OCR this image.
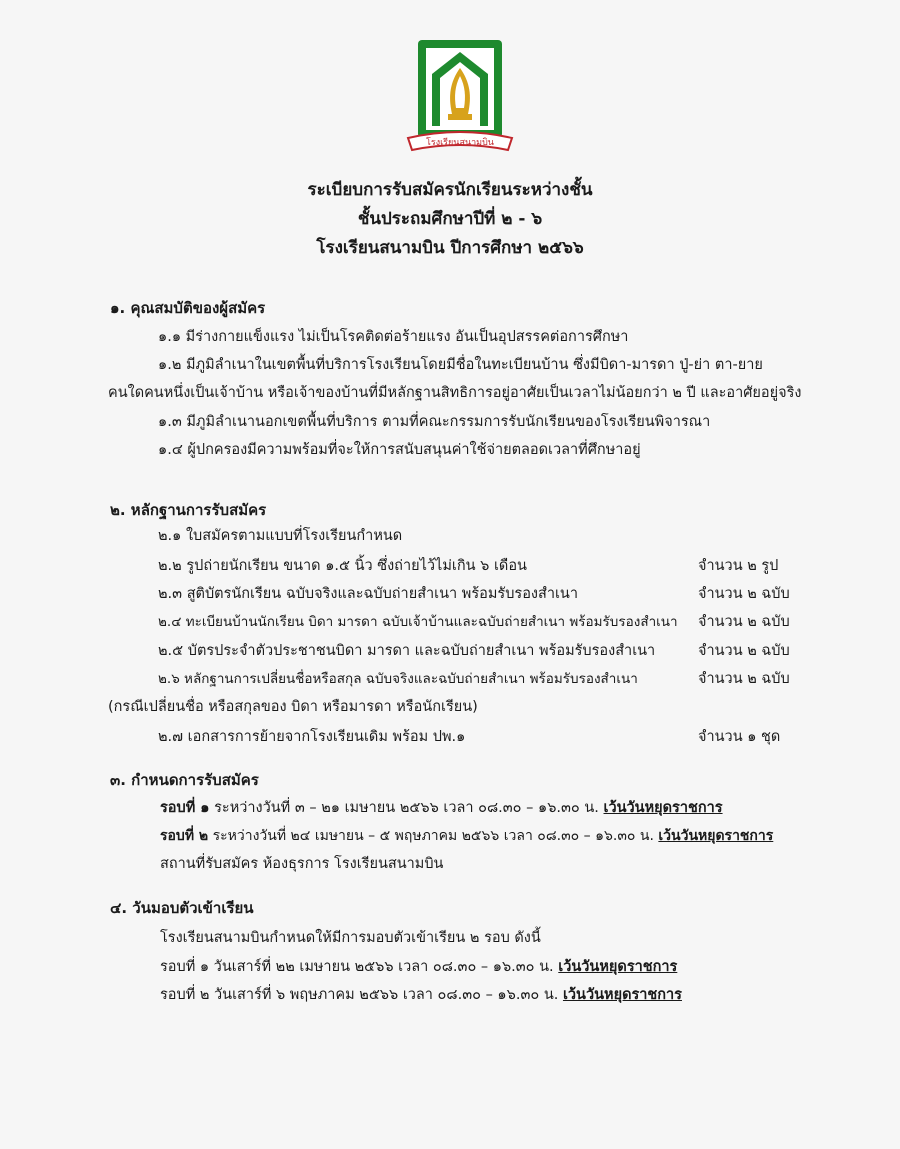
โรงเรียนสนามบิน
ระเบียบการรับสมัครนักเรียนระหว่างชั้น
ชั้นประถมศึกษาปีที่ ๒ - ๖
โรงเรียนสนามบิน ปีการศึกษา ๒๕๖๖
๑. คุณสมบัติของผู้สมัคร
๑.๑ มีร่างกายแข็งแรง ไม่เป็นโรคติดต่อร้ายแรง อันเป็นอุปสรรคต่อการศึกษา
๑.๒ มีภูมิลำเนาในเขตพื้นที่บริการโรงเรียนโดยมีชื่อในทะเบียนบ้าน ซึ่งมีบิดา-มารดา ปู่-ย่า ตา-ยาย
คนใดคนหนึ่งเป็นเจ้าบ้าน หรือเจ้าของบ้านที่มีหลักฐานสิทธิการอยู่อาศัยเป็นเวลาไม่น้อยกว่า ๒ ปี และอาศัยอยู่จริง
๑.๓ มีภูมิลำเนานอกเขตพื้นที่บริการ ตามที่คณะกรรมการรับนักเรียนของโรงเรียนพิจารณา
๑.๔ ผู้ปกครองมีความพร้อมที่จะให้การสนับสนุนค่าใช้จ่ายตลอดเวลาที่ศึกษาอยู่
๒. หลักฐานการรับสมัคร
๒.๑ ใบสมัครตามแบบที่โรงเรียนกำหนด
๒.๒ รูปถ่ายนักเรียน ขนาด ๑.๕ นิ้ว ซึ่งถ่ายไว้ไม่เกิน ๖ เดือน	จำนวน ๒ รูป
๒.๓ สูติบัตรนักเรียน ฉบับจริงและฉบับถ่ายสำเนา พร้อมรับรองสำเนา	จำนวน ๒ ฉบับ
๒.๔ ทะเบียนบ้านนักเรียน บิดา มารดา ฉบับเจ้าบ้านและฉบับถ่ายสำเนา พร้อมรับรองสำเนา จำนวน ๒ ฉบับ
๒.๕ บัตรประจำตัวประชาชนบิดา มารดา และฉบับถ่ายสำเนา พร้อมรับรองสำเนา	จำนวน ๒ ฉบับ
๒.๖ หลักฐานการเปลี่ยนชื่อหรือสกุล ฉบับจริงและฉบับถ่ายสำเนา พร้อมรับรองสำเนา	จำนวน ๒ ฉบับ
(กรณีเปลี่ยนชื่อ หรือสกุลของ บิดา หรือมารดา หรือนักเรียน)
๒.๗ เอกสารการย้ายจากโรงเรียนเดิม พร้อม ปพ.๑	จำนวน ๑ ชุด
๓. กำหนดการรับสมัคร
รอบที่ ๑ ระหว่างวันที่ ๓ – ๒๑ เมษายน ๒๕๖๖ เวลา ๐๘.๓๐ – ๑๖.๓๐ น. เว้นวันหยุดราชการ
รอบที่ ๒ ระหว่างวันที่ ๒๔ เมษายน – ๕ พฤษภาคม ๒๕๖๖ เวลา ๐๘.๓๐ – ๑๖.๓๐ น. เว้นวันหยุดราชการ
สถานที่รับสมัคร ห้องธุรการ โรงเรียนสนามบิน
๔. วันมอบตัวเข้าเรียน
โรงเรียนสนามบินกำหนดให้มีการมอบตัวเข้าเรียน ๒ รอบ ดังนี้
รอบที่ ๑ วันเสาร์ที่ ๒๒ เมษายน ๒๕๖๖ เวลา ๐๘.๓๐ – ๑๖.๓๐ น. เว้นวันหยุดราชการ
รอบที่ ๒ วันเสาร์ที่ ๖ พฤษภาคม ๒๕๖๖ เวลา ๐๘.๓๐ – ๑๖.๓๐ น. เว้นวันหยุดราชการ
